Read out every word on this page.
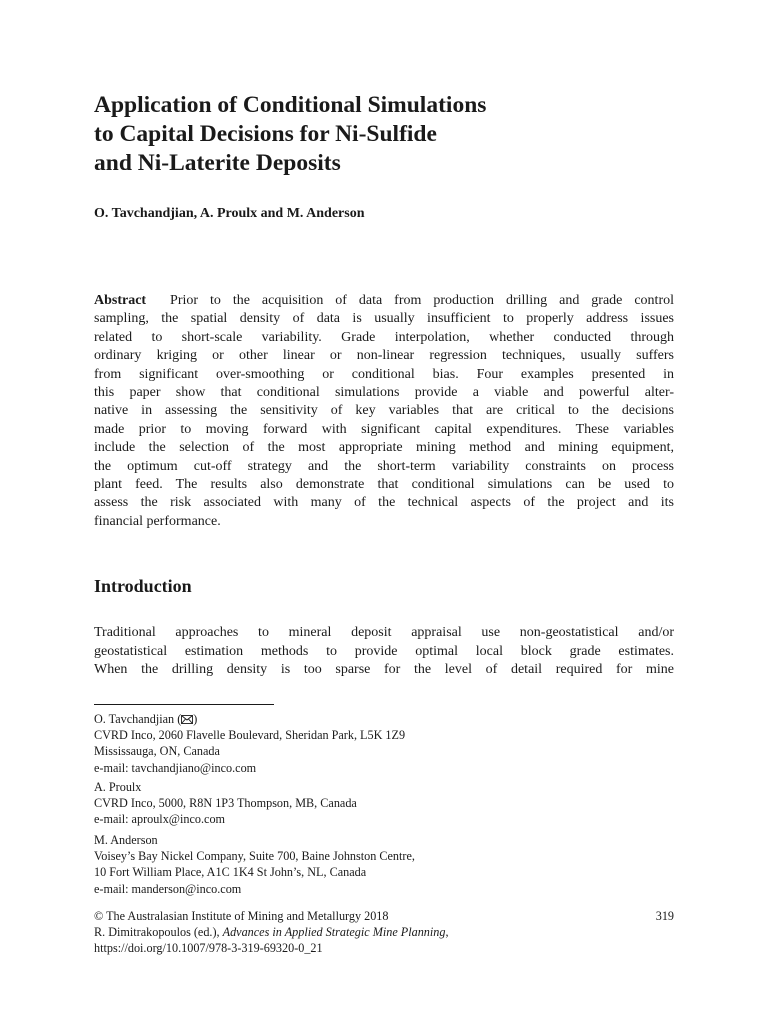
Application of Conditional Simulations
to Capital Decisions for Ni-Sulfide
and Ni-Laterite Deposits
O. Tavchandjian, A. Proulx and M. Anderson
Abstract Prior to the acquisition of data from production drilling and grade control
sampling, the spatial density of data is usually insufficient to properly address issues
related to short-scale variability. Grade interpolation, whether conducted through
ordinary kriging or other linear or non-linear regression techniques, usually suffers
from significant over-smoothing or conditional bias. Four examples presented in
this paper show that conditional simulations provide a viable and powerful alter-
native in assessing the sensitivity of key variables that are critical to the decisions
made prior to moving forward with significant capital expenditures. These variables
include the selection of the most appropriate mining method and mining equipment,
the optimum cut-off strategy and the short-term variability constraints on process
plant feed. The results also demonstrate that conditional simulations can be used to
assess the risk associated with many of the technical aspects of the project and its
financial performance.
Introduction
Traditional approaches to mineral deposit appraisal use non-geostatistical and/or
geostatistical estimation methods to provide optimal local block grade estimates.
When the drilling density is too sparse for the level of detail required for mine
O. Tavchandjian ( )
CVRD Inco, 2060 Flavelle Boulevard, Sheridan Park, L5K 1Z9
Mississauga, ON, Canada
e-mail: tavchandjiano@inco.com
A. Proulx
CVRD Inco, 5000, R8N 1P3 Thompson, MB, Canada
e-mail: aproulx@inco.com
M. Anderson
Voisey’s Bay Nickel Company, Suite 700, Baine Johnston Centre,
10 Fort William Place, A1C 1K4 St John’s, NL, Canada
e-mail: manderson@inco.com
© The Australasian Institute of Mining and Metallurgy 2018
R. Dimitrakopoulos (ed.), Advances in Applied Strategic Mine Planning,
https://doi.org/10.1007/978-3-319-69320-0_21
319
